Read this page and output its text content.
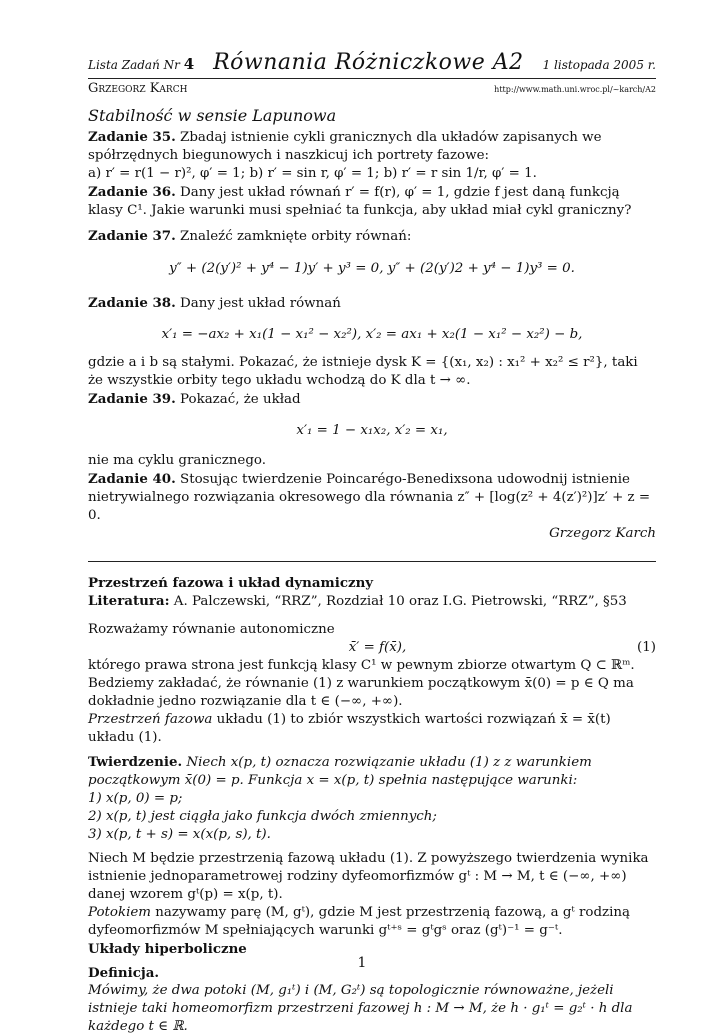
Lista Zadań Nr 4 Równania Różniczkowe A2 1 listopada 2005 r.
Grzegorz Karch	http://www.math.uni.wroc.pl/~karch/A2
Stabilność w sensie Lapunowa

Zadanie 35. Zbadaj istnienie cykli granicznych dla układów zapisanych we spółrzędnych biegunowych i naszkicuj ich portrety fazowe:

a) r′ = r(1 − r)², φ′ = 1; b) r′ = sin r, φ′ = 1; b) r′ = r sin 1/r, φ′ = 1.

Zadanie 36. Dany jest układ równań r′ = f(r), φ′ = 1, gdzie f jest daną funkcją klasy C¹. Jakie warunki musi spełniać ta funkcja, aby układ miał cykl graniczny?

Zadanie 37. Znaleźć zamknięte orbity równań:

y″ + (2(y′)² + y⁴ − 1)y′ + y³ = 0, y″ + (2(y′)2 + y⁴ − 1)y³ = 0.

Zadanie 38. Dany jest układ równań

x′₁ = −ax₂ + x₁(1 − x₁² − x₂²), x′₂ = ax₁ + x₂(1 − x₁² − x₂²) − b,

gdzie a i b są stałymi. Pokazać, że istnieje dysk K = {(x₁, x₂) : x₁² + x₂² ≤ r²}, taki że wszystkie orbity tego układu wchodzą do K dla t → ∞.

Zadanie 39. Pokazać, że układ

x′₁ = 1 − x₁x₂, x′₂ = x₁,

nie ma cyklu granicznego.

Zadanie 40. Stosując twierdzenie Poincarégo-Benedixsona udowodnij istnienie nietrywialnego rozwiązania okresowego dla równania z″ + [log(z² + 4(z′)²)]z′ + z = 0.

Grzegorz Karch

Przestrzeń fazowa i układ dynamiczny

Literatura: A. Palczewski, “RRZ”, Rozdział 10 oraz I.G. Pietrowski, “RRZ”, §53

Rozważamy równanie autonomiczne

x̄′ = f(x̄),	(1)

którego prawa strona jest funkcją klasy C¹ w pewnym zbiorze otwartym Q ⊂ ℝᵐ. Bedziemy zakładać, że równanie (1) z warunkiem początkowym x̄(0) = p ∈ Q ma dokładnie jedno rozwiązanie dla t ∈ (−∞, +∞).

Przestrzeń fazowa układu (1) to zbiór wszystkich wartości rozwiązań x̄ = x̄(t) układu (1).

Twierdzenie. Niech x(p, t) oznacza rozwiązanie układu (1) z z warunkiem początkowym x̄(0) = p. Funkcja x = x(p, t) spełnia następujące warunki:

1) x(p, 0) = p;

2) x(p, t) jest ciągła jako funkcja dwóch zmiennych;

3) x(p, t + s) = x(x(p, s), t).

Niech M będzie przestrzenią fazową układu (1). Z powyższego twierdzenia wynika istnienie jednoparametrowej rodziny dyfeomorfizmów gᵗ : M → M, t ∈ (−∞, +∞) danej wzorem gᵗ(p) = x(p, t).

Potokiem nazywamy parę (M, gᵗ), gdzie M jest przestrzenią fazową, a gᵗ rodziną dyfeomorfizmów M spełniających warunki gᵗ⁺ˢ = gᵗgˢ oraz (gᵗ)⁻¹ = g⁻ᵗ.

Układy hiperboliczne

Definicja.

Mówimy, że dwa potoki (M, g₁ᵗ) i (M, G₂ᵗ) są topologicznie równoważne, jeżeli istnieje taki homeomorfizm przestrzeni fazowej h : M → M, że h · g₁ᵗ = g₂ᵗ · h dla każdego t ∈ ℝ.

1
